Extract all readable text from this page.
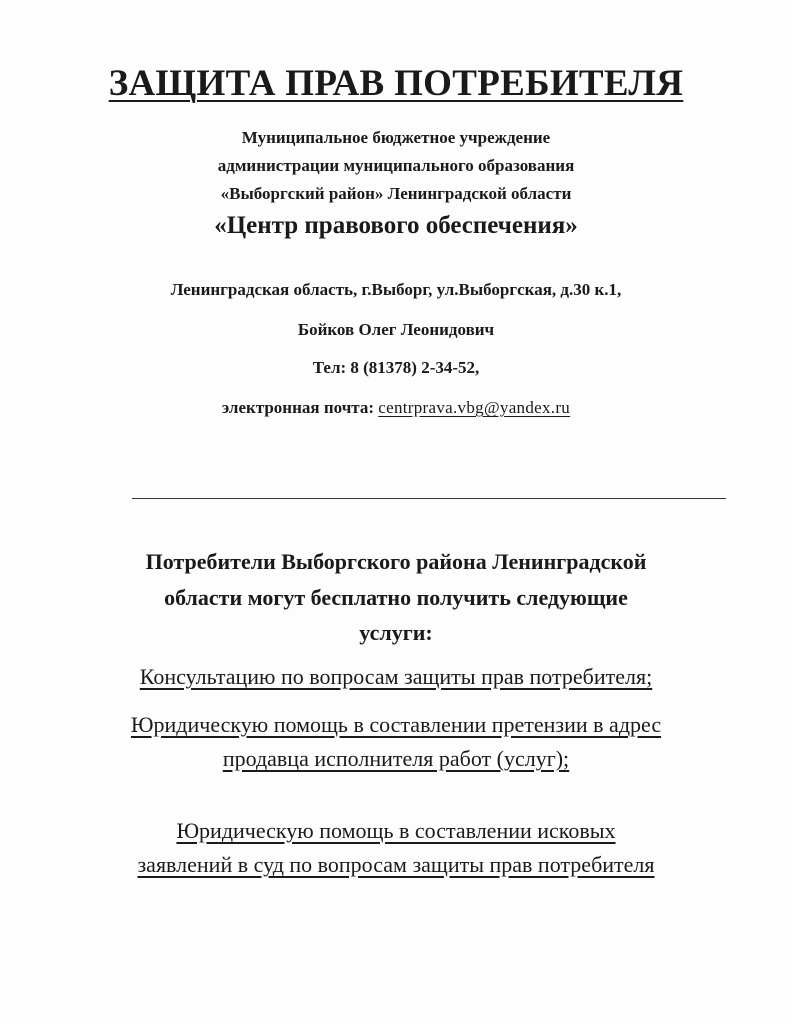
ЗАЩИТА ПРАВ ПОТРЕБИТЕЛЯ
Муниципальное бюджетное учреждение
администрации муниципального образования
«Выборгский район» Ленинградской области
«Центр правового обеспечения»
Ленинградская область, г.Выборг, ул.Выборгская, д.30 к.1,
Бойков Олег Леонидович
Тел: 8 (81378) 2-34-52,
электронная почта: centrprava.vbg@yandex.ru
Потребители Выборгского района Ленинградской
области могут бесплатно получить следующие
услуги:
Консультацию по вопросам защиты прав потребителя;
Юридическую помощь в составлении претензии в адрес
продавца исполнителя работ (услуг);
Юридическую помощь в составлении исковых
заявлений в суд по вопросам защиты прав потребителя
